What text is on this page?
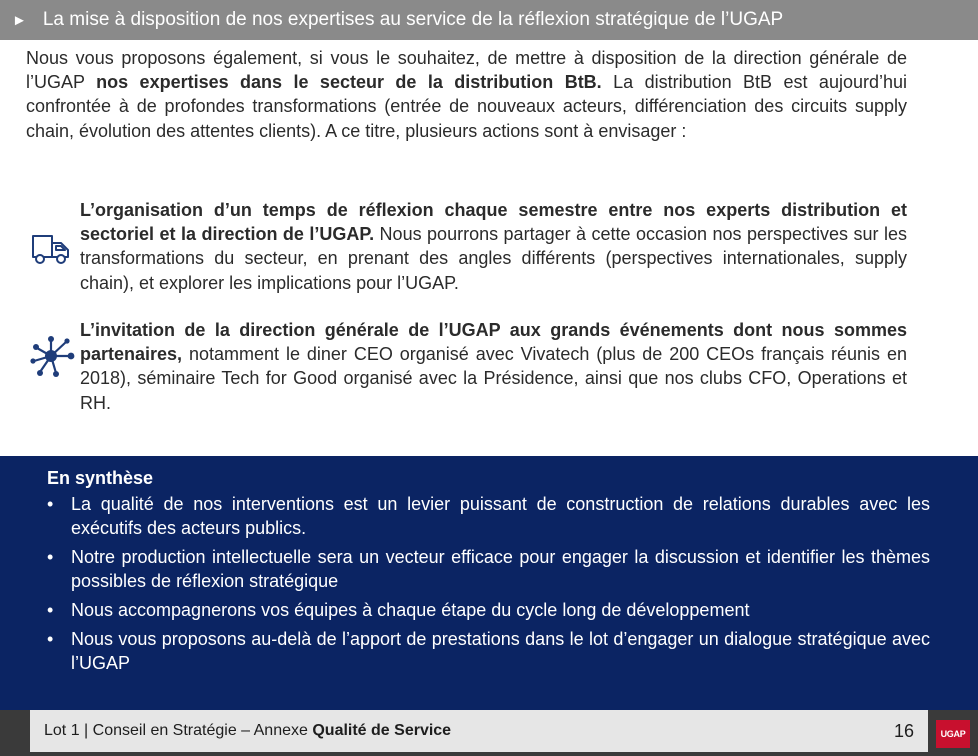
► La mise à disposition de nos expertises au service de la réflexion stratégique de l’UGAP
Nous vous proposons également, si vous le souhaitez, de mettre à disposition de la direction générale de l’UGAP nos expertises dans le secteur de la distribution BtB. La distribution BtB est aujourd’hui confrontée à de profondes transformations (entrée de nouveaux acteurs, différenciation des circuits supply chain, évolution des attentes clients). A ce titre, plusieurs actions sont à envisager :
L’organisation d’un temps de réflexion chaque semestre entre nos experts distribution et sectoriel et la direction de l’UGAP. Nous pourrons partager à cette occasion nos perspectives sur les transformations du secteur, en prenant des angles différents (perspectives internationales, supply chain), et explorer les implications pour l’UGAP.
L’invitation de la direction générale de l’UGAP aux grands événements dont nous sommes partenaires, notamment le diner CEO organisé avec Vivatech (plus de 200 CEOs français réunis en 2018), séminaire Tech for Good organisé avec la Présidence, ainsi que nos clubs CFO, Operations et RH.
En synthèse
• La qualité de nos interventions est un levier puissant de construction de relations durables avec les exécutifs des acteurs publics.
• Notre production intellectuelle sera un vecteur efficace pour engager la discussion et identifier les thèmes possibles de réflexion stratégique
• Nous accompagnerons vos équipes à chaque étape du cycle long de développement
• Nous vous proposons au-delà de l’apport de prestations dans le lot d’engager un dialogue stratégique avec l’UGAP
Lot 1 | Conseil en Stratégie – Annexe Qualité de Service	16	UGAP
